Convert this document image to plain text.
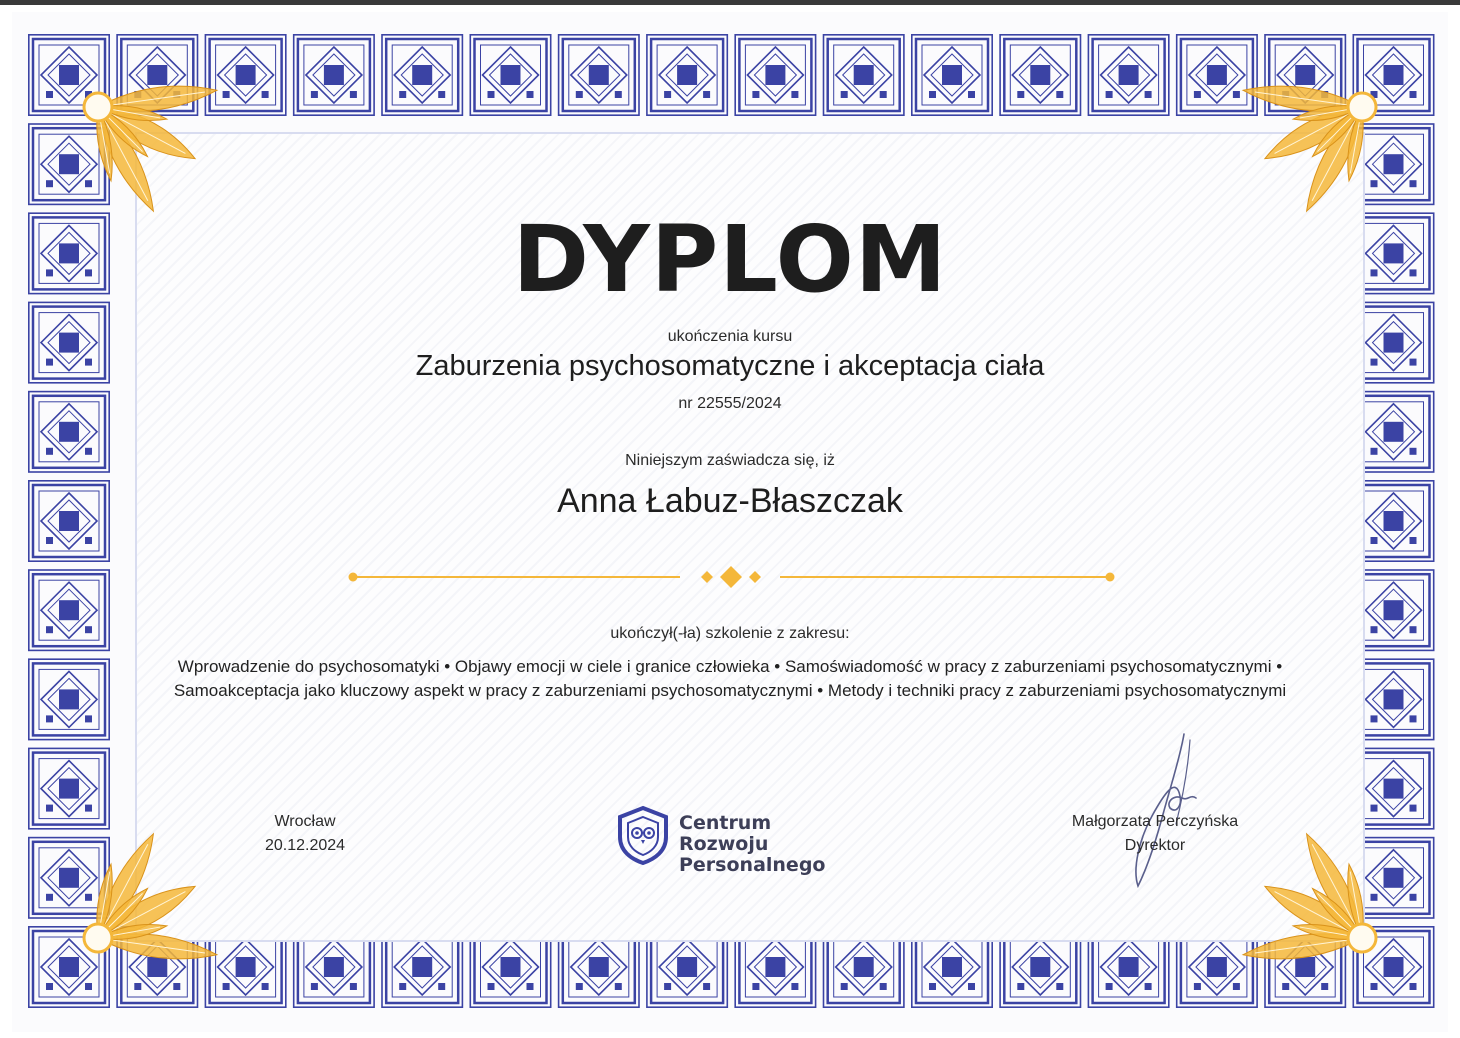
DYPLOM
ukończenia kursu
Zaburzenia psychosomatyczne i akceptacja ciała
nr 22555/2024
Niniejszym zaświadcza się, iż
Anna Łabuz-Błaszczak
ukończył(-ła) szkolenie z zakresu:
Wprowadzenie do psychosomatyki • Objawy emocji w ciele i granice człowieka • Samoświadomość w pracy z zaburzeniami psychosomatycznymi • Samoakceptacja jako kluczowy aspekt w pracy z zaburzeniami psychosomatycznymi • Metody i techniki pracy z zaburzeniami psychosomatycznymi
Wrocław
20.12.2024
Centrum Rozwoju
Personalnego
Małgorzata Perczyńska
Dyrektor
